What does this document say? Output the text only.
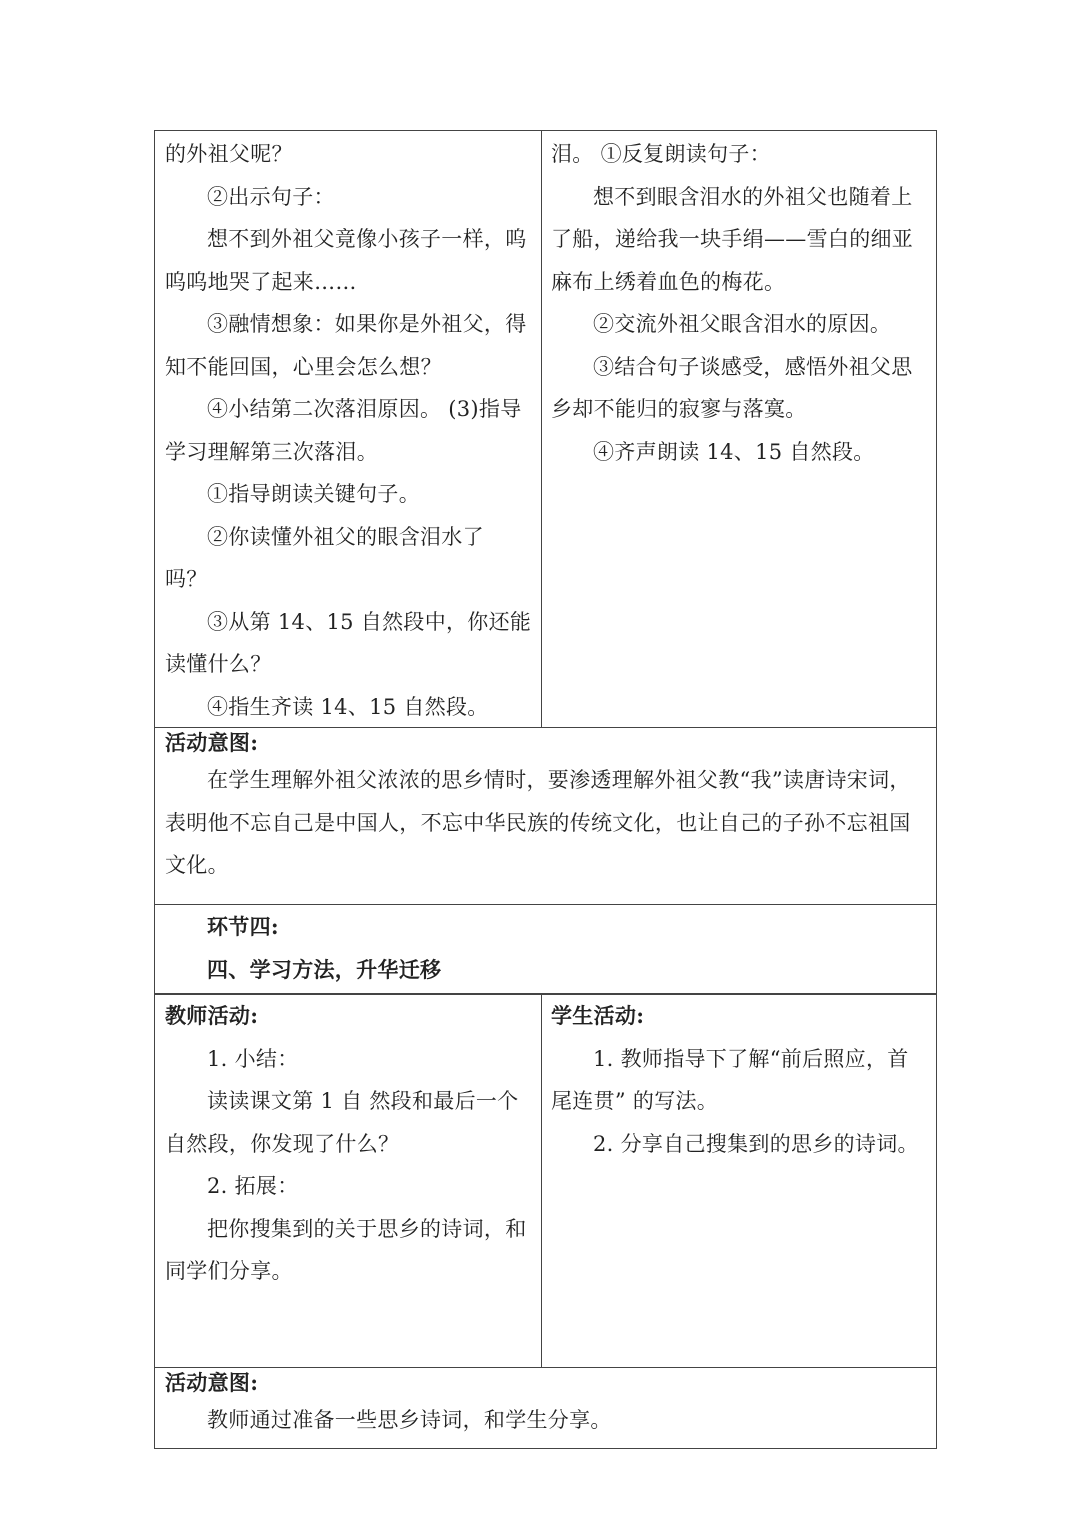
的外祖父呢？
②出示句子：
想不到外祖父竟像小孩子一样，呜
呜呜地哭了起来……
③融情想象：如果你是外祖父，得
知不能回国，心里会怎么想？
④小结第二次落泪原因。 (3)指导
学习理解第三次落泪。
①指导朗读关键句子。
②你读懂外祖父的眼含泪水了
吗？
③从第 14、15 自然段中，你还能
读懂什么？
④指生齐读 14、15 自然段。
泪。 ①反复朗读句子：
想不到眼含泪水的外祖父也随着上
了船，递给我一块手绢——雪白的细亚
麻布上绣着血色的梅花。
②交流外祖父眼含泪水的原因。
③结合句子谈感受，感悟外祖父思
乡却不能归的寂寥与落寞。
④齐声朗读 14、15 自然段。
活动意图:
在学生理解外祖父浓浓的思乡情时，要渗透理解外祖父教“我”读唐诗宋词，
表明他不忘自己是中国人，不忘中华民族的传统文化，也让自己的子孙不忘祖国
文化。
环节四:
四、学习方法，升华迁移
教师活动:
1. 小结：
读读课文第 1 自 然段和最后一个
自然段，你发现了什么？
2. 拓展：
把你搜集到的关于思乡的诗词，和
同学们分享。
学生活动:
1. 教师指导下了解“前后照应，首
尾连贯” 的写法。
2. 分享自己搜集到的思乡的诗词。
活动意图:
教师通过准备一些思乡诗词，和学生分享。
